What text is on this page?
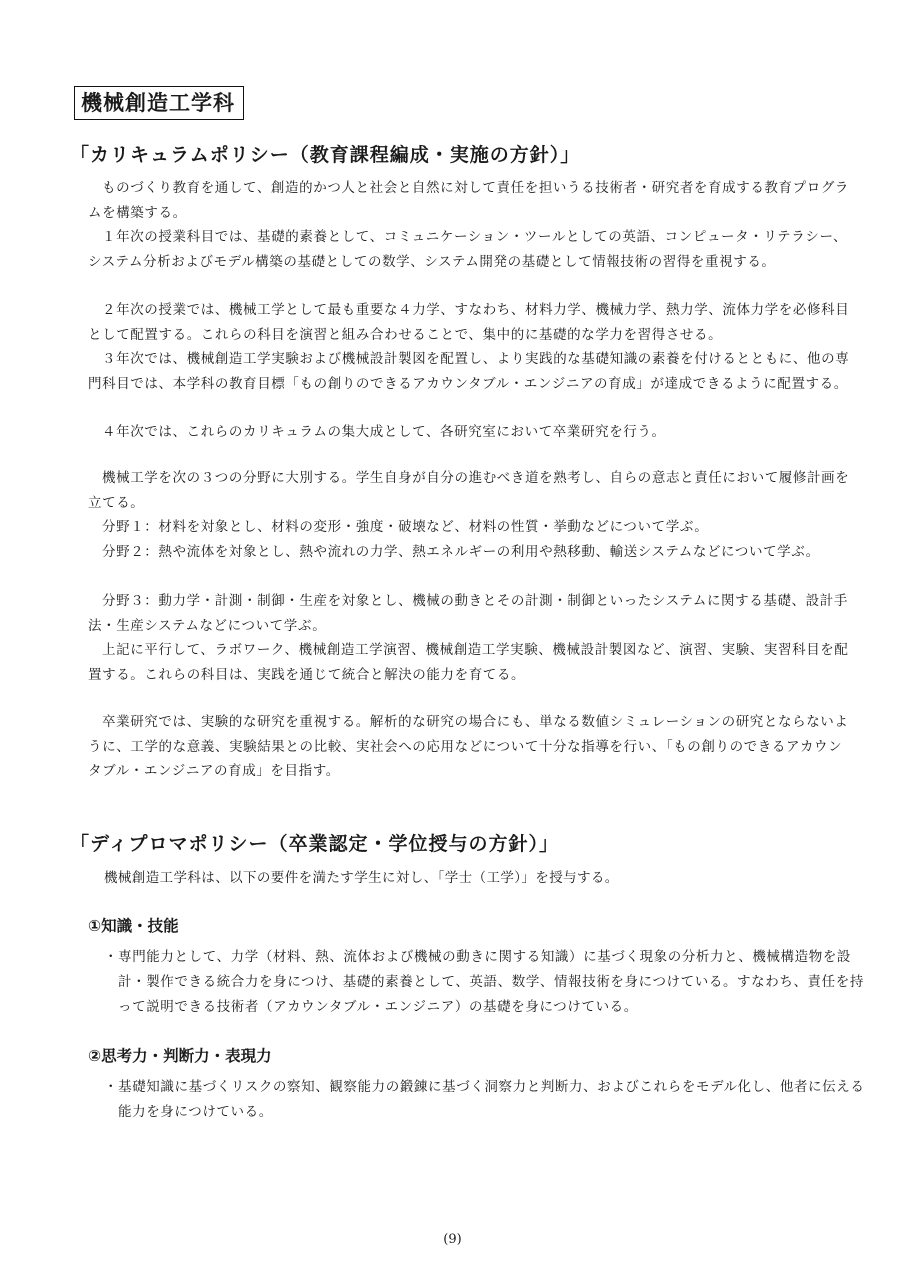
機械創造工学科
「カリキュラムポリシー（教育課程編成・実施の方針）」

ものづくり教育を通して、創造的かつ人と社会と自然に対して責任を担いうる技術者・研究者を育成する教育プログラムを構築する。

１年次の授業科目では、基礎的素養として、コミュニケーション・ツールとしての英語、コンピュータ・リテラシー、システム分析およびモデル構築の基礎としての数学、システム開発の基礎として情報技術の習得を重視する。

２年次の授業では、機械工学として最も重要な４力学、すなわち、材料力学、機械力学、熱力学、流体力学を必修科目として配置する。これらの科目を演習と組み合わせることで、集中的に基礎的な学力を習得させる。

３年次では、機械創造工学実験および機械設計製図を配置し、より実践的な基礎知識の素養を付けるとともに、他の専門科目では、本学科の教育目標「もの創りのできるアカウンタブル・エンジニアの育成」が達成できるように配置する。

４年次では、これらのカリキュラムの集大成として、各研究室において卒業研究を行う。

機械工学を次の３つの分野に大別する。学生自身が自分の進むべき道を熟考し、自らの意志と責任において履修計画を立てる。

分野１：材料を対象とし、材料の変形・強度・破壊など、材料の性質・挙動などについて学ぶ。

分野２：熱や流体を対象とし、熱や流れの力学、熱エネルギーの利用や熱移動、輸送システムなどについて学ぶ。

分野３：動力学・計測・制御・生産を対象とし、機械の動きとその計測・制御といったシステムに関する基礎、設計手法・生産システムなどについて学ぶ。

上記に平行して、ラボワーク、機械創造工学演習、機械創造工学実験、機械設計製図など、演習、実験、実習科目を配置する。これらの科目は、実践を通じて統合と解決の能力を育てる。

卒業研究では、実験的な研究を重視する。解析的な研究の場合にも、単なる数値シミュレーションの研究とならないように、工学的な意義、実験結果との比較、実社会への応用などについて十分な指導を行い、「もの創りのできるアカウンタブル・エンジニアの育成」を目指す。

「ディプロマポリシー（卒業認定・学位授与の方針）」
機械創造工学科は、以下の要件を満たす学生に対し、「学士（工学）」を授与する。
①知識・技能

・専門能力として、力学（材料、熱、流体および機械の動きに関する知識）に基づく現象の分析力と、機械構造物を設計・製作できる統合力を身につけ、基礎的素養として、英語、数学、情報技術を身につけている。すなわち、責任を持って説明できる技術者（アカウンタブル・エンジニア）の基礎を身につけている。

②思考力・判断力・表現力

・基礎知識に基づくリスクの察知、観察能力の鍛錬に基づく洞察力と判断力、およびこれらをモデル化し、他者に伝える能力を身につけている。

(9)
